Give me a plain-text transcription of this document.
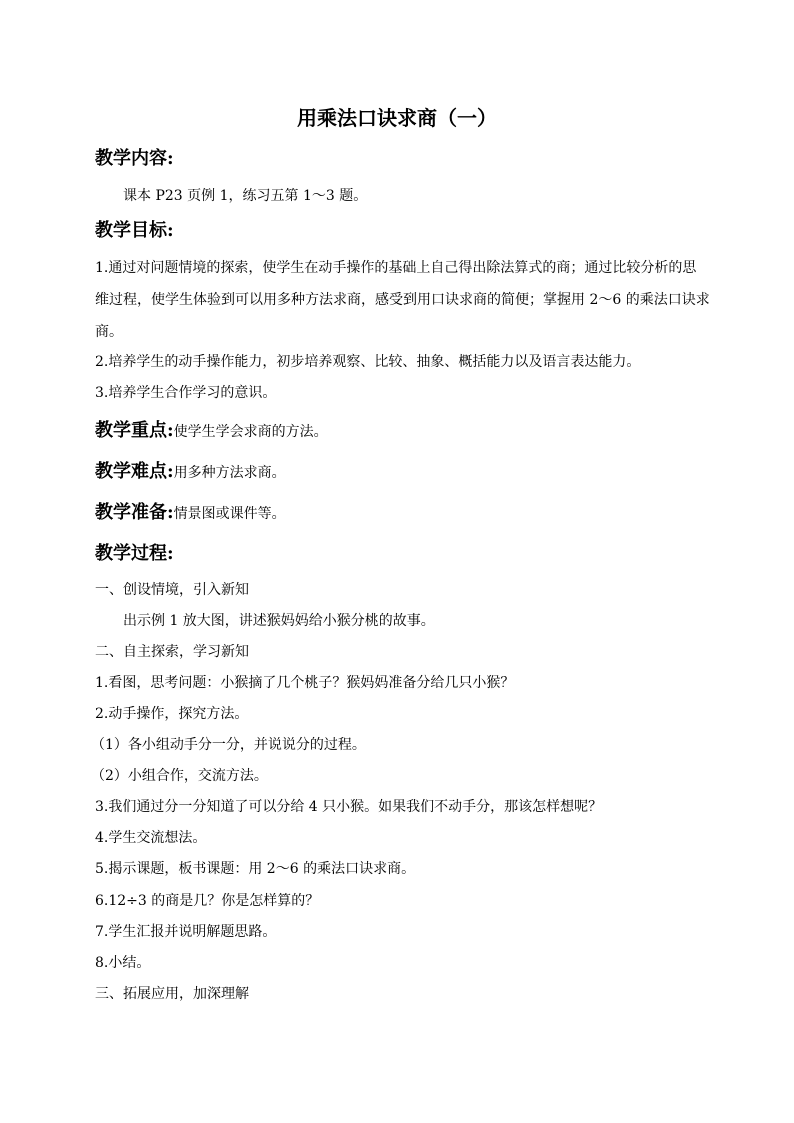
用乘法口诀求商（一）
教学内容:
课本 P23 页例 1，练习五第 1～3 题。
教学目标:
1.通过对问题情境的探索，使学生在动手操作的基础上自己得出除法算式的商；通过比较分析的思
维过程，使学生体验到可以用多种方法求商，感受到用口诀求商的简便；掌握用 2～6 的乘法口诀求
商。
2.培养学生的动手操作能力，初步培养观察、比较、抽象、概括能力以及语言表达能力。
3.培养学生合作学习的意识。
教学重点:使学生学会求商的方法。
教学难点:用多种方法求商。
教学准备:情景图或课件等。
教学过程:
一、创设情境，引入新知
出示例 1 放大图，讲述猴妈妈给小猴分桃的故事。
二、自主探索，学习新知
1.看图，思考问题：小猴摘了几个桃子？猴妈妈准备分给几只小猴？
2.动手操作，探究方法。
（1）各小组动手分一分，并说说分的过程。
（2）小组合作，交流方法。
3.我们通过分一分知道了可以分给 4 只小猴。如果我们不动手分，那该怎样想呢？
4.学生交流想法。
5.揭示课题，板书课题：用 2～6 的乘法口诀求商。
6.12÷3 的商是几？你是怎样算的？
7.学生汇报并说明解题思路。
8.小结。
三、拓展应用，加深理解
